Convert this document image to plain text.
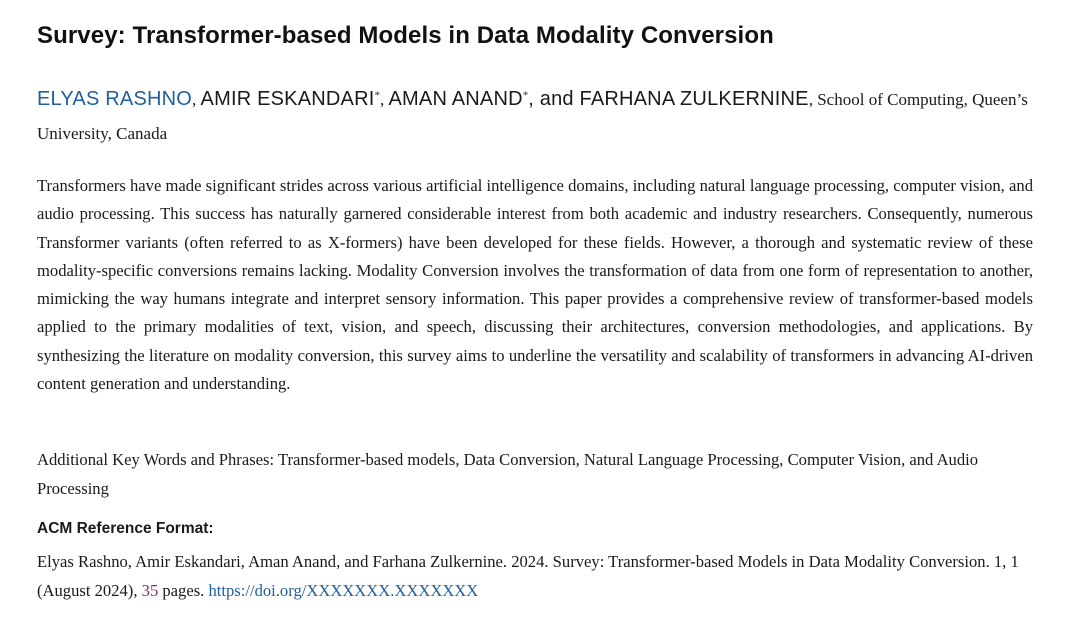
Survey: Transformer-based Models in Data Modality Conversion

ELYAS RASHNO, AMIR ESKANDARI*, AMAN ANAND*, and FARHANA ZULKERNINE, School of Computing, Queen’s University, Canada

Transformers have made significant strides across various artificial intelligence domains, including natural language processing, computer vision, and audio processing. This success has naturally garnered considerable interest from both academic and industry researchers. Consequently, numerous Transformer variants (often referred to as X-formers) have been developed for these fields. However, a thorough and systematic review of these modality-specific conversions remains lacking. Modality Conversion involves the transformation of data from one form of representation to another, mimicking the way humans integrate and interpret sensory information. This paper provides a comprehensive review of transformer-based models applied to the primary modalities of text, vision, and speech, discussing their architectures, conversion methodologies, and applications. By synthesizing the literature on modality conversion, this survey aims to underline the versatility and scalability of transformers in advancing AI-driven content generation and understanding.

Additional Key Words and Phrases: Transformer-based models, Data Conversion, Natural Language Processing, Computer Vision, and Audio Processing

ACM Reference Format:

Elyas Rashno, Amir Eskandari, Aman Anand, and Farhana Zulkernine. 2024. Survey: Transformer-based Models in Data Modality Conversion. 1, 1 (August 2024), 35 pages. https://doi.org/XXXXXXX.XXXXXXX
